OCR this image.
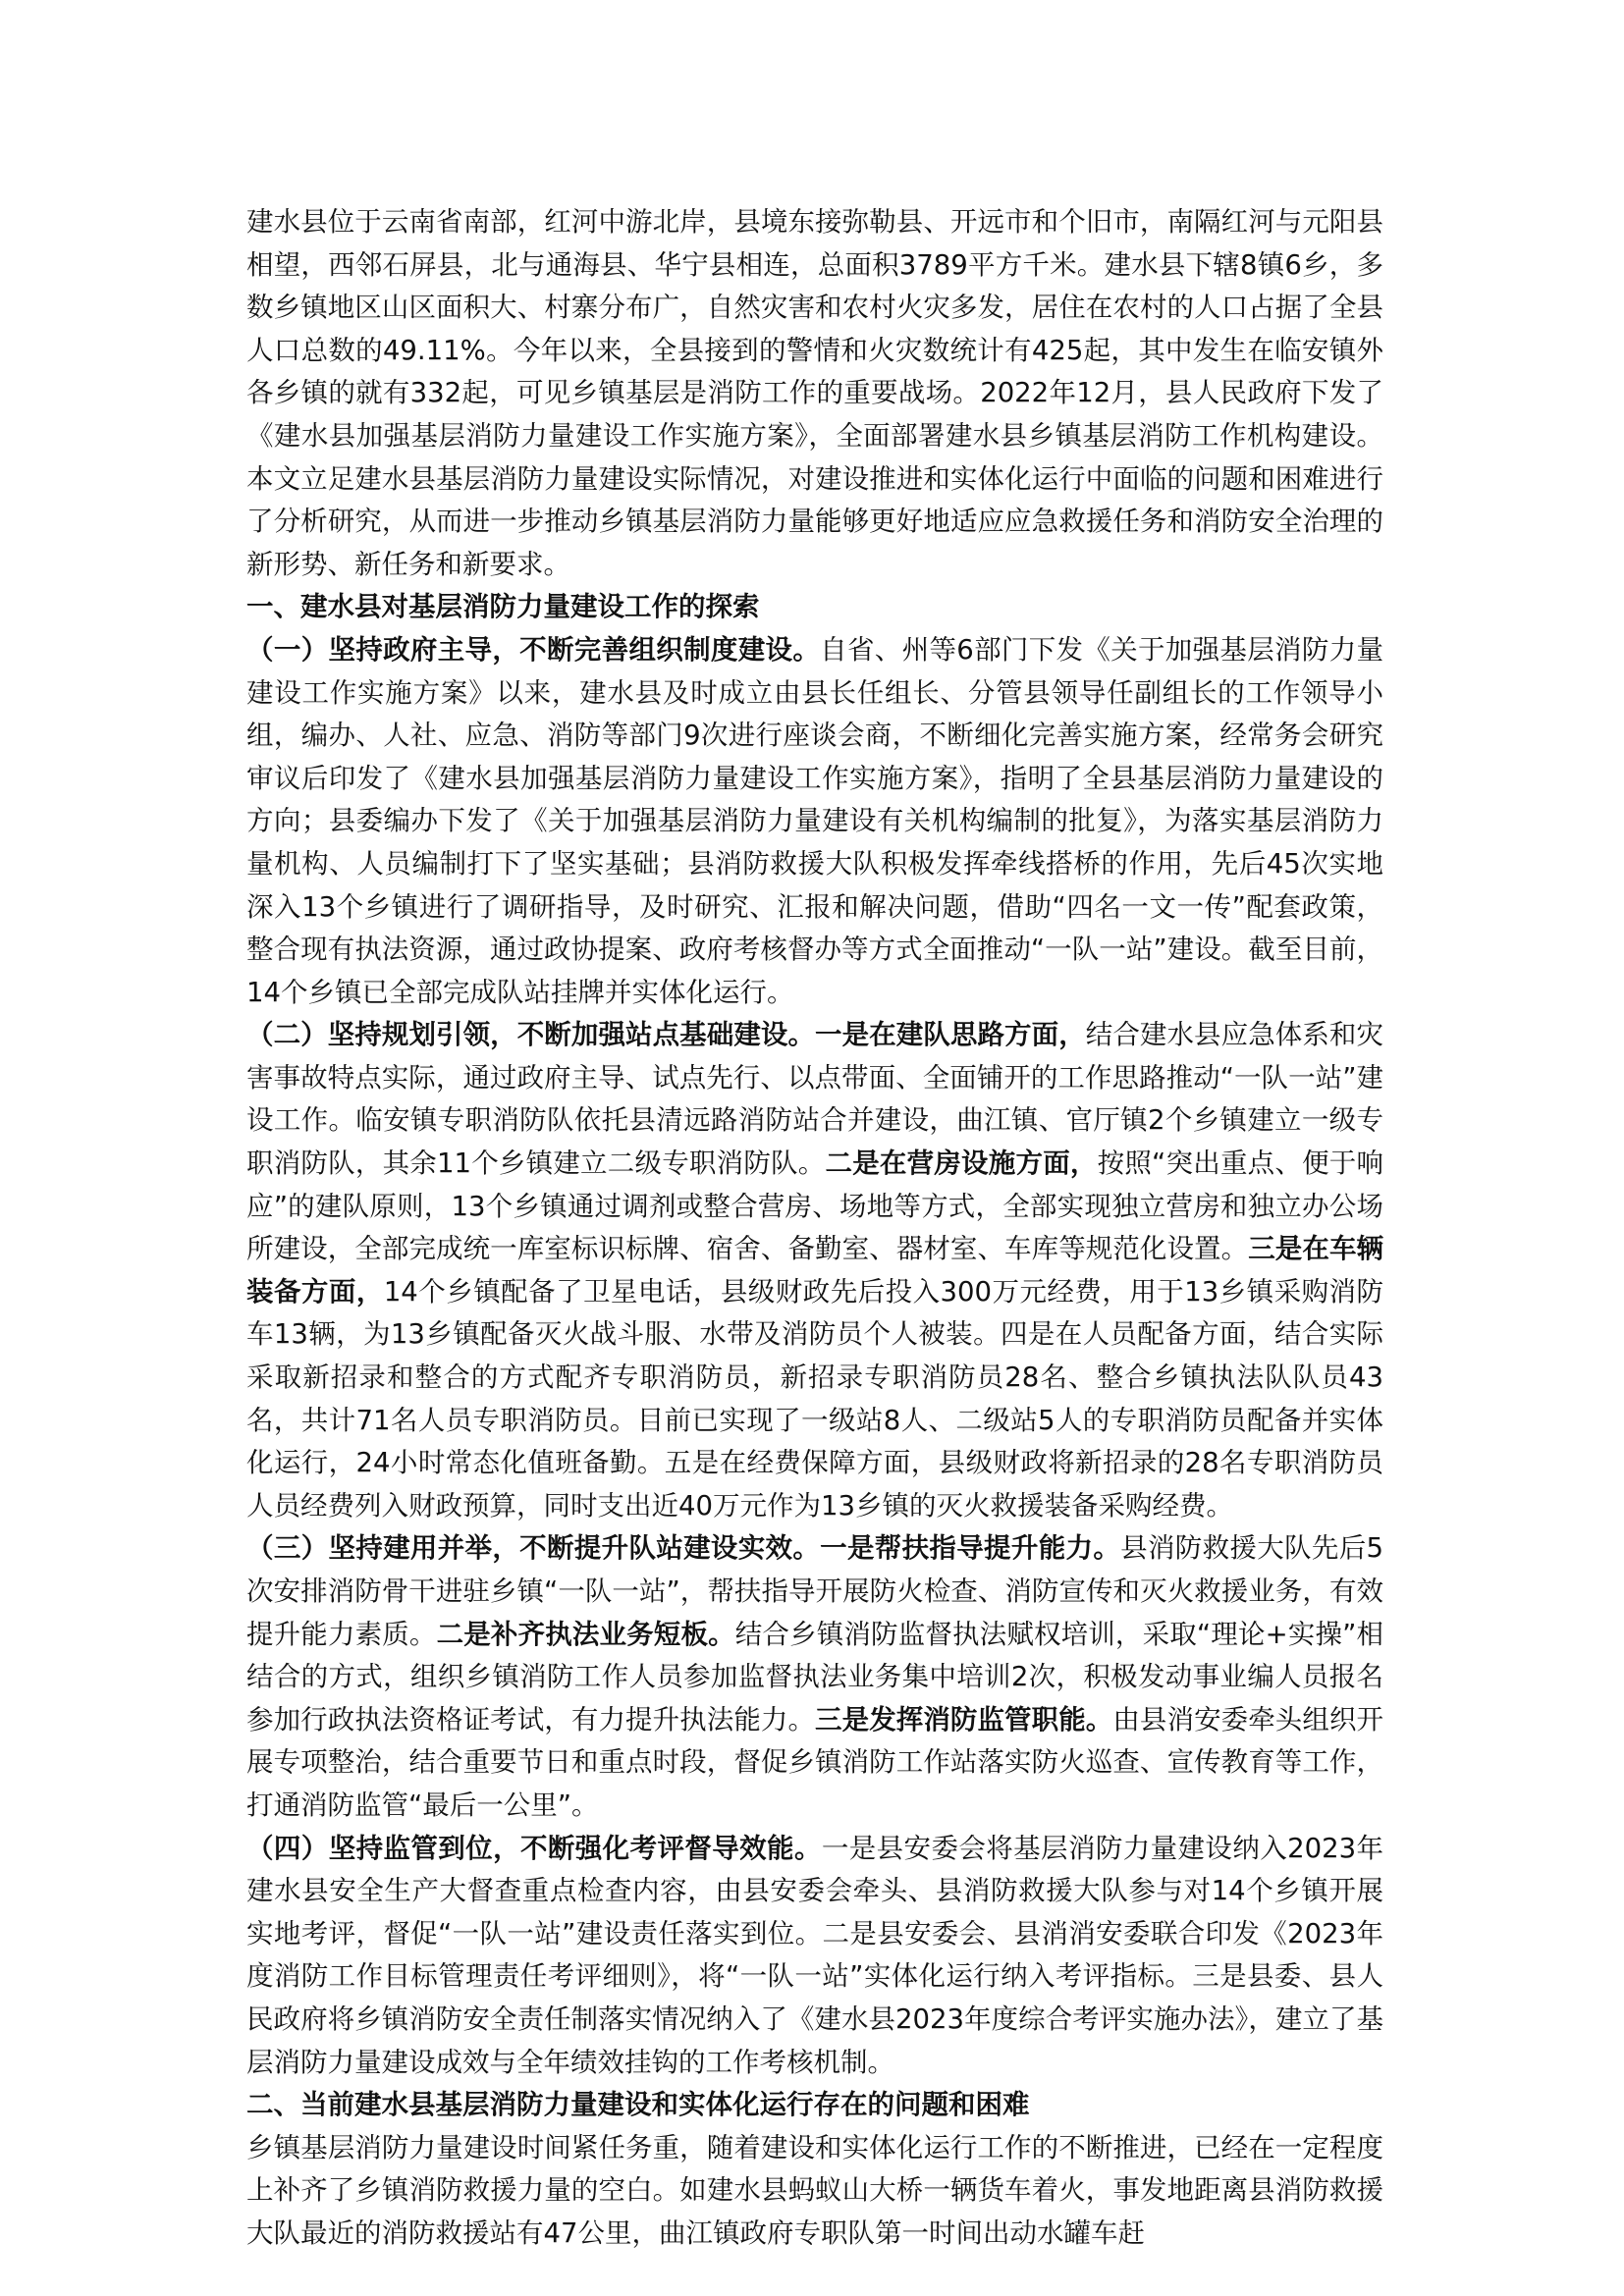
建水县位于云南省南部，红河中游北岸，县境东接弥勒县、开远市和个旧市，南隔红河与元阳县相望，西邻石屏县，北与通海县、华宁县相连，总面积3789平方千米。建水县下辖8镇6乡，多数乡镇地区山区面积大、村寨分布广，自然灾害和农村火灾多发，居住在农村的人口占据了全县人口总数的49.11%。今年以来，全县接到的警情和火灾数统计有425起，其中发生在临安镇外各乡镇的就有332起，可见乡镇基层是消防工作的重要战场。2022年12月，县人民政府下发了《建水县加强基层消防力量建设工作实施方案》，全面部署建水县乡镇基层消防工作机构建设。本文立足建水县基层消防力量建设实际情况，对建设推进和实体化运行中面临的问题和困难进行了分析研究，从而进一步推动乡镇基层消防力量能够更好地适应应急救援任务和消防安全治理的新形势、新任务和新要求。

一、建水县对基层消防力量建设工作的探索

（一）坚持政府主导，不断完善组织制度建设。自省、州等6部门下发《关于加强基层消防力量建设工作实施方案》以来，建水县及时成立由县长任组长、分管县领导任副组长的工作领导小组，编办、人社、应急、消防等部门9次进行座谈会商，不断细化完善实施方案，经常务会研究审议后印发了《建水县加强基层消防力量建设工作实施方案》，指明了全县基层消防力量建设的方向；县委编办下发了《关于加强基层消防力量建设有关机构编制的批复》，为落实基层消防力量机构、人员编制打下了坚实基础；县消防救援大队积极发挥牵线搭桥的作用，先后45次实地深入13个乡镇进行了调研指导，及时研究、汇报和解决问题，借助“四名一文一传”配套政策，整合现有执法资源，通过政协提案、政府考核督办等方式全面推动“一队一站”建设。截至目前，14个乡镇已全部完成队站挂牌并实体化运行。

（二）坚持规划引领，不断加强站点基础建设。一是在建队思路方面，结合建水县应急体系和灾害事故特点实际，通过政府主导、试点先行、以点带面、全面铺开的工作思路推动“一队一站”建设工作。临安镇专职消防队依托县清远路消防站合并建设，曲江镇、官厅镇2个乡镇建立一级专职消防队，其余11个乡镇建立二级专职消防队。二是在营房设施方面，按照“突出重点、便于响应”的建队原则，13个乡镇通过调剂或整合营房、场地等方式，全部实现独立营房和独立办公场所建设，全部完成统一库室标识标牌、宿舍、备勤室、器材室、车库等规范化设置。三是在车辆装备方面，14个乡镇配备了卫星电话，县级财政先后投入300万元经费，用于13乡镇采购消防车13辆，为13乡镇配备灭火战斗服、水带及消防员个人被装。四是在人员配备方面，结合实际采取新招录和整合的方式配齐专职消防员，新招录专职消防员28名、整合乡镇执法队队员43名，共计71名人员专职消防员。目前已实现了一级站8人、二级站5人的专职消防员配备并实体化运行，24小时常态化值班备勤。五是在经费保障方面，县级财政将新招录的28名专职消防员人员经费列入财政预算，同时支出近40万元作为13乡镇的灭火救援装备采购经费。

（三）坚持建用并举，不断提升队站建设实效。一是帮扶指导提升能力。县消防救援大队先后5次安排消防骨干进驻乡镇“一队一站”，帮扶指导开展防火检查、消防宣传和灭火救援业务，有效提升能力素质。二是补齐执法业务短板。结合乡镇消防监督执法赋权培训，采取“理论+实操”相结合的方式，组织乡镇消防工作人员参加监督执法业务集中培训2次，积极发动事业编人员报名参加行政执法资格证考试，有力提升执法能力。三是发挥消防监管职能。由县消安委牵头组织开展专项整治，结合重要节日和重点时段，督促乡镇消防工作站落实防火巡查、宣传教育等工作，打通消防监管“最后一公里”。

（四）坚持监管到位，不断强化考评督导效能。一是县安委会将基层消防力量建设纳入2023年建水县安全生产大督查重点检查内容，由县安委会牵头、县消防救援大队参与对14个乡镇开展实地考评，督促“一队一站”建设责任落实到位。二是县安委会、县消消安委联合印发《2023年度消防工作目标管理责任考评细则》，将“一队一站”实体化运行纳入考评指标。三是县委、县人民政府将乡镇消防安全责任制落实情况纳入了《建水县2023年度综合考评实施办法》，建立了基层消防力量建设成效与全年绩效挂钩的工作考核机制。

二、当前建水县基层消防力量建设和实体化运行存在的问题和困难

乡镇基层消防力量建设时间紧任务重，随着建设和实体化运行工作的不断推进，已经在一定程度上补齐了乡镇消防救援力量的空白。如建水县蚂蚁山大桥一辆货车着火，事发地距离县消防救援大队最近的消防救援站有47公里，曲江镇政府专职队第一时间出动水罐车赶
